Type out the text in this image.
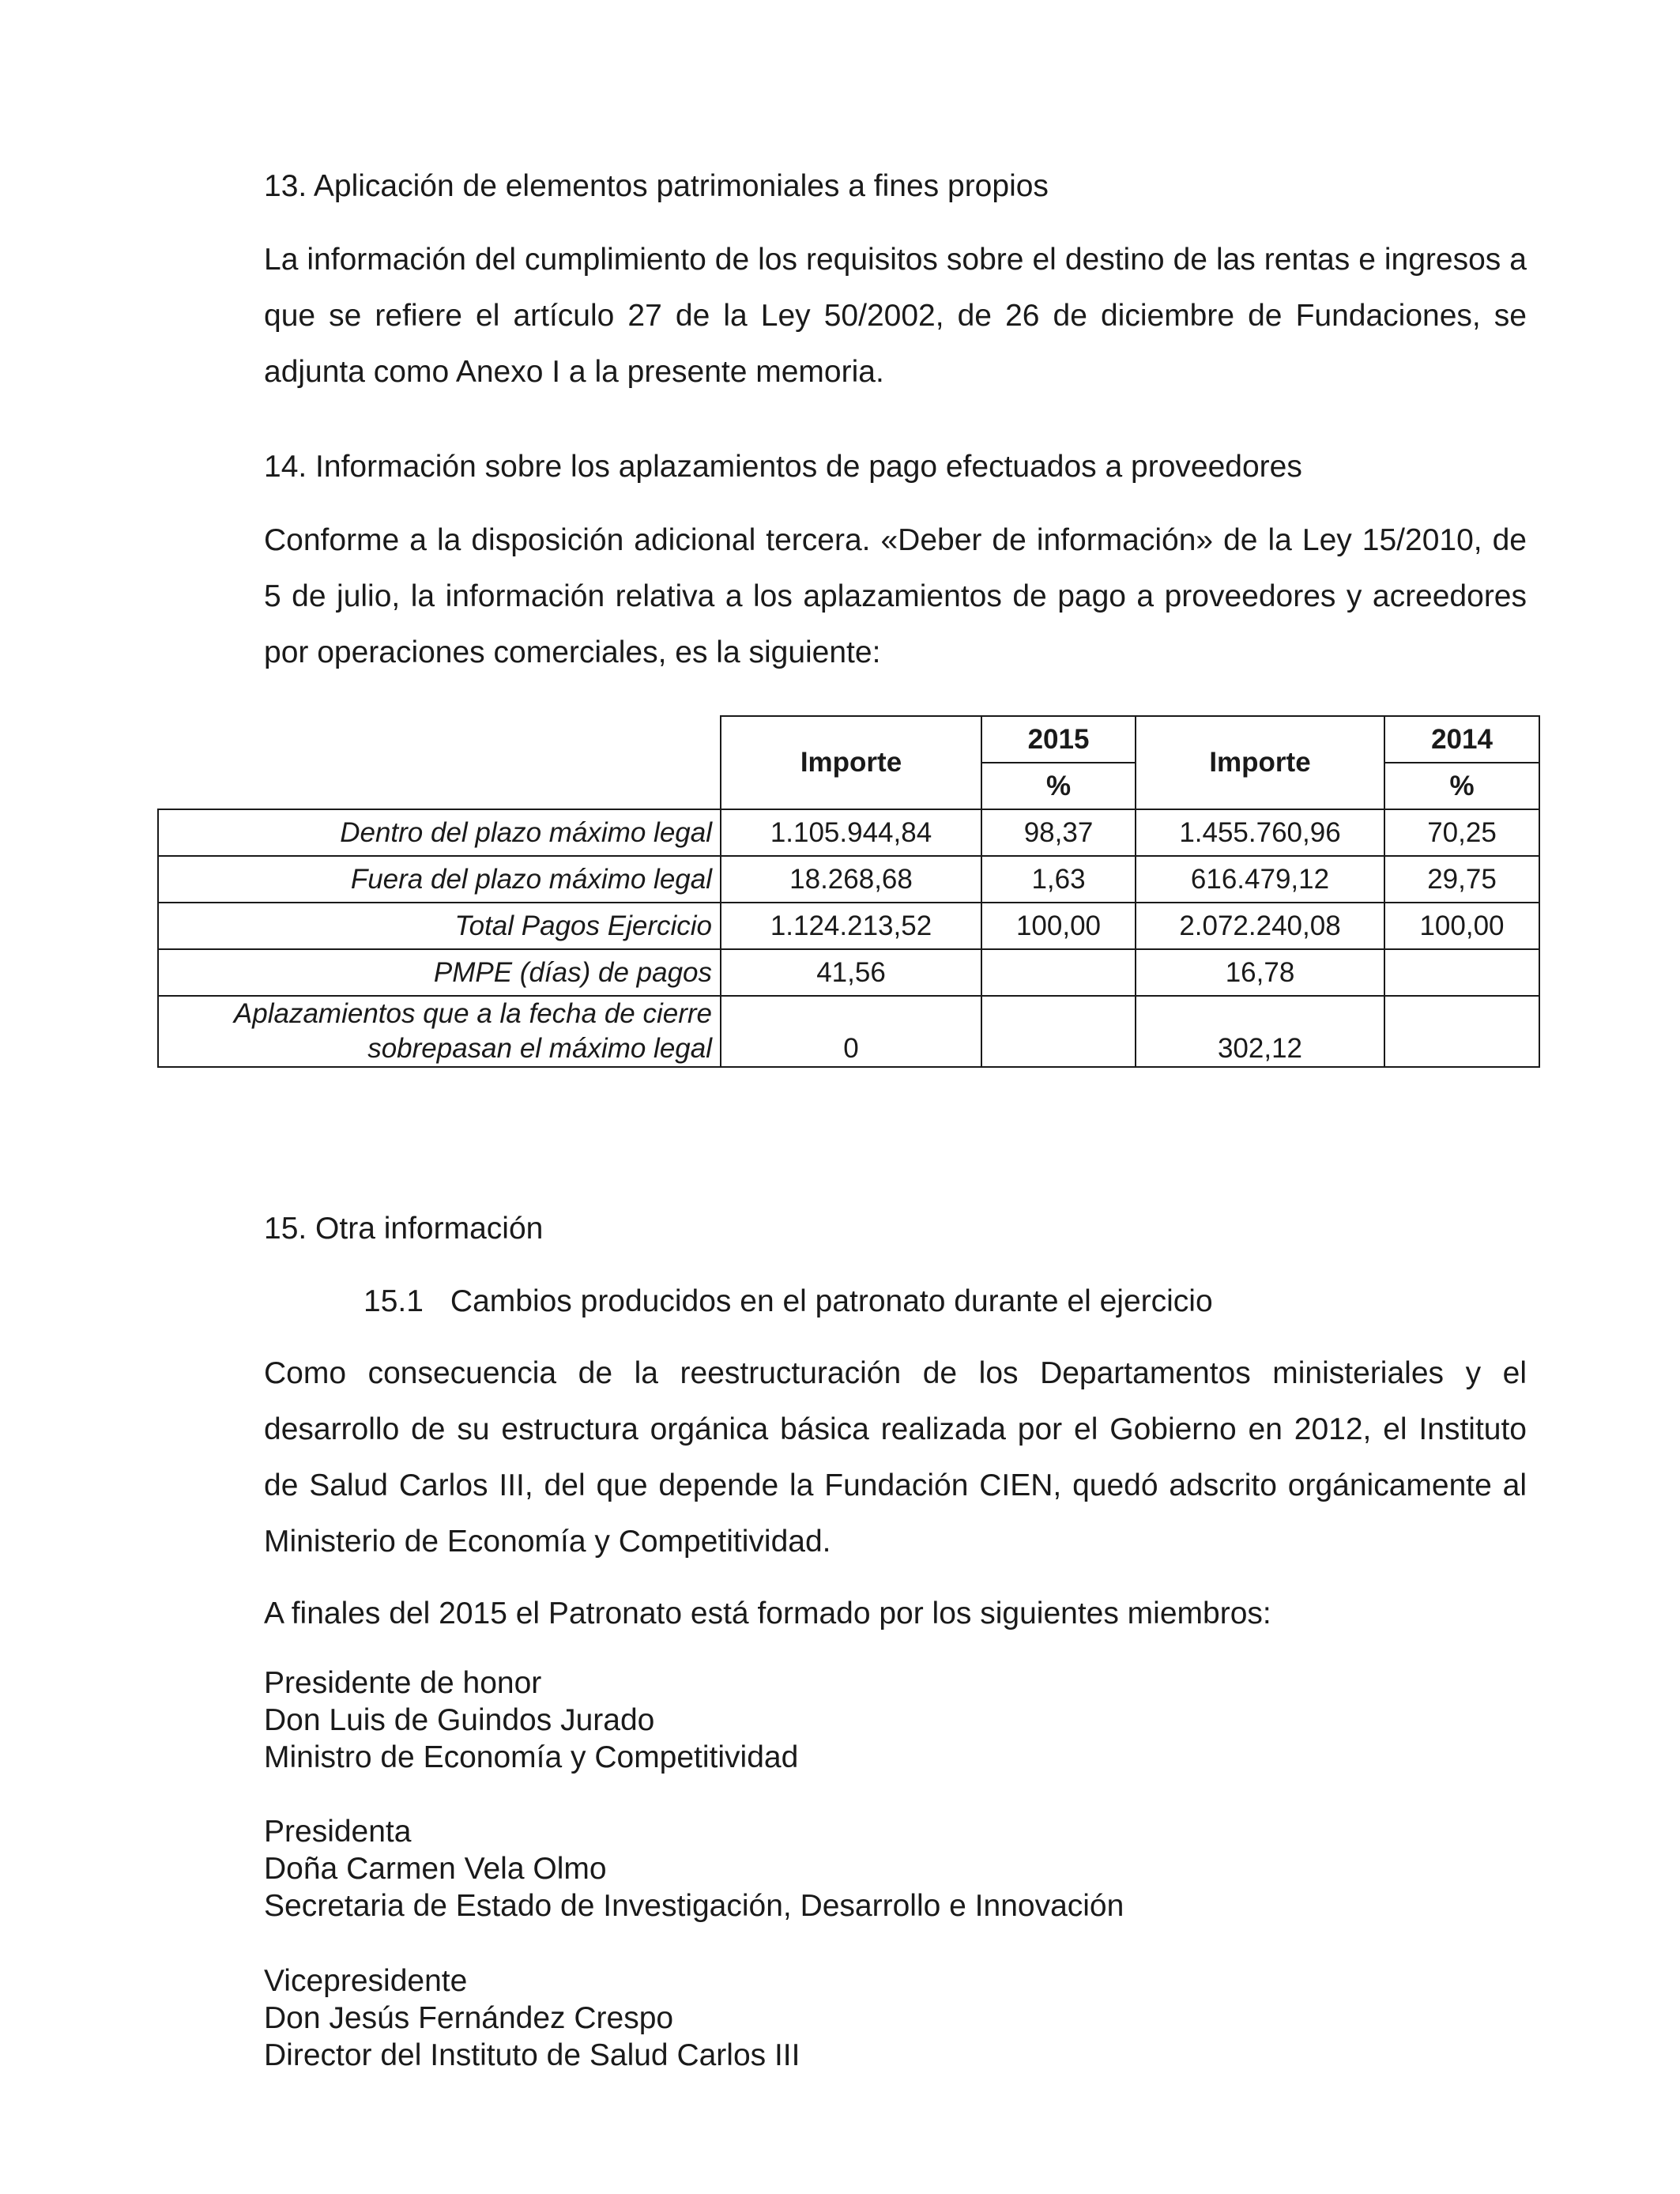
13. Aplicación de elementos patrimoniales a fines propios

La información del cumplimiento de los requisitos sobre el destino de las rentas e ingresos a que se refiere el artículo 27 de la Ley 50/2002, de 26 de diciembre de Fundaciones, se adjunta como Anexo I a la presente memoria.

14. Información sobre los aplazamientos de pago efectuados a proveedores

Conforme a la disposición adicional tercera. «Deber de información» de la Ley 15/2010, de 5 de julio, la información relativa a los aplazamientos de pago a proveedores y acreedores por operaciones comerciales, es la siguiente:

	Importe	2015	Importe	2014
		%		%
Dentro del plazo máximo legal	1.105.944,84	98,37	1.455.760,96	70,25
Fuera del plazo máximo legal	18.268,68	1,63	616.479,12	29,75
Total Pagos Ejercicio	1.124.213,52	100,00	2.072.240,08	100,00
PMPE (días) de pagos	41,56		16,78	
Aplazamientos que a la fecha de cierre
sobrepasan el máximo legal	0		302,12	

15. Otra información

15.1 Cambios producidos en el patronato durante el ejercicio

Como consecuencia de la reestructuración de los Departamentos ministeriales y el desarrollo de su estructura orgánica básica realizada por el Gobierno en 2012, el Instituto de Salud Carlos III, del que depende la Fundación CIEN, quedó adscrito orgánicamente al Ministerio de Economía y Competitividad.

A finales del 2015 el Patronato está formado por los siguientes miembros:

Presidente de honor
Don Luis de Guindos Jurado
Ministro de Economía y Competitividad
Presidenta
Doña Carmen Vela Olmo
Secretaria de Estado de Investigación, Desarrollo e Innovación
Vicepresidente
Don Jesús Fernández Crespo
Director del Instituto de Salud Carlos III
